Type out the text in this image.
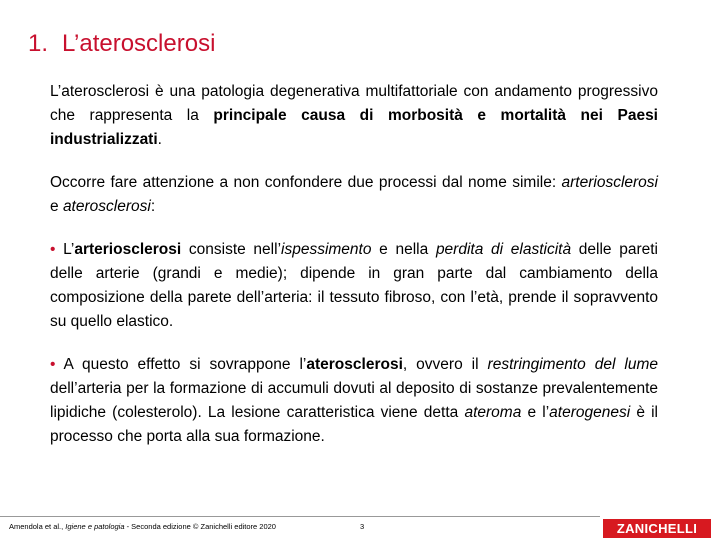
1. L’aterosclerosi

L’aterosclerosi è una patologia degenerativa multifattoriale con andamento progressivo che rappresenta la principale causa di morbosità e mortalità nei Paesi industrializzati.

Occorre fare attenzione a non confondere due processi dal nome simile: arteriosclerosi e aterosclerosi:

• L’arteriosclerosi consiste nell’ispessimento e nella perdita di elasticità delle pareti delle arterie (grandi e medie); dipende in gran parte dal cambiamento della composizione della parete dell’arteria: il tessuto fibroso, con l’età, prende il sopravvento su quello elastico.

• A questo effetto si sovrappone l’aterosclerosi, ovvero il restringimento del lume dell’arteria per la formazione di accumuli dovuti al deposito di sostanze prevalentemente lipidiche (colesterolo). La lesione caratteristica viene detta ateroma e l’aterogenesi è il processo che porta alla sua formazione.

Amendola et al., Igiene e patologia - Seconda edizione © Zanichelli editore 2020	3	ZANICHELLI
